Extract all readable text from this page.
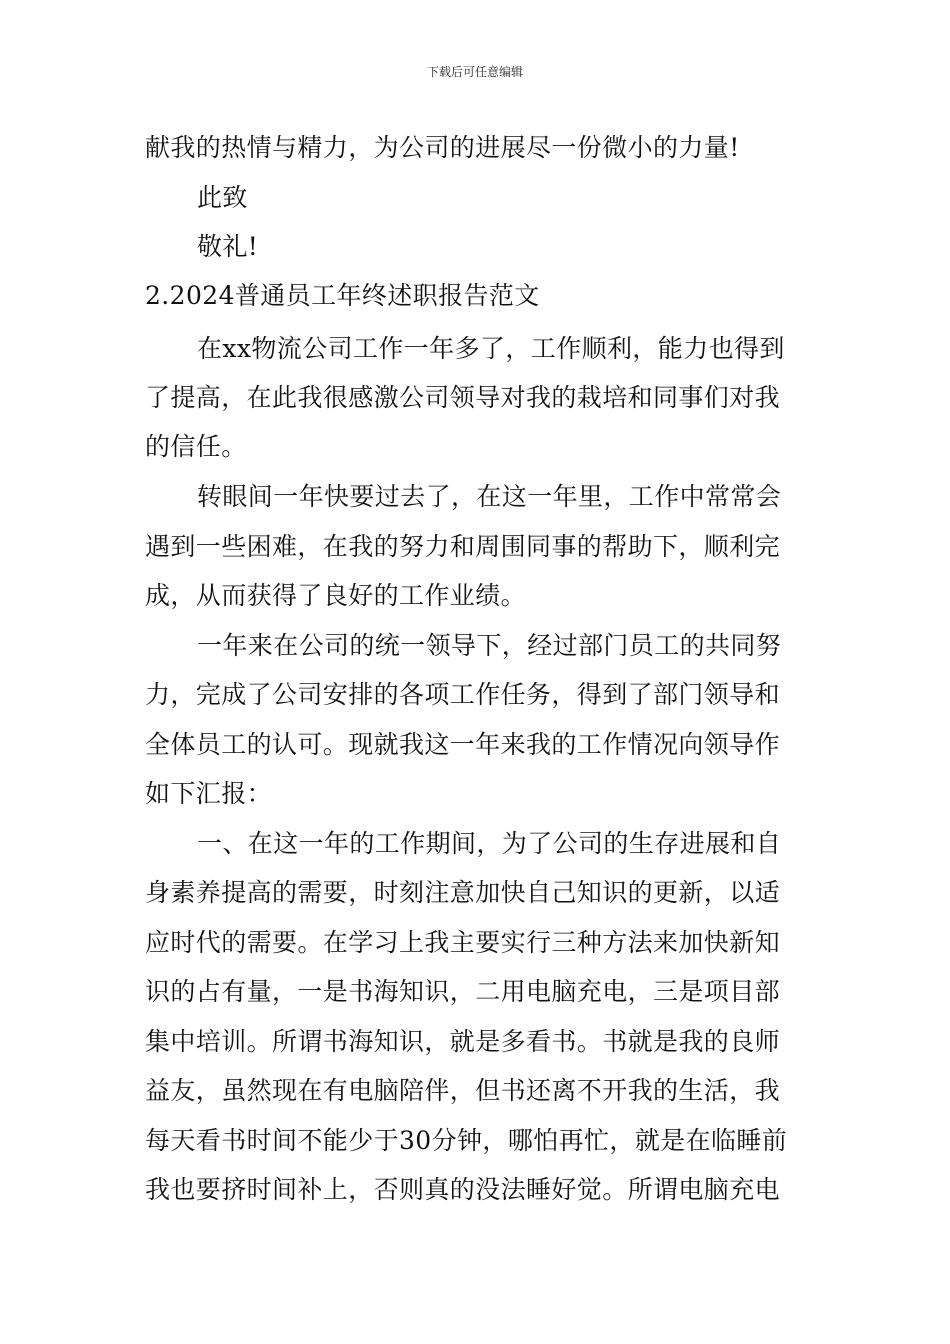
下载后可任意编辑
献我的热情与精力，为公司的进展尽一份微小的力量!
此致
敬礼!
2.2024普通员工年终述职报告范文
在xx物流公司工作一年多了，工作顺利，能力也得到
了提高，在此我很感激公司领导对我的栽培和同事们对我
的信任。
转眼间一年快要过去了，在这一年里，工作中常常会
遇到一些困难，在我的努力和周围同事的帮助下，顺利完
成，从而获得了良好的工作业绩。
一年来在公司的统一领导下，经过部门员工的共同努
力，完成了公司安排的各项工作任务，得到了部门领导和
全体员工的认可。现就我这一年来我的工作情况向领导作
如下汇报：
一、在这一年的工作期间，为了公司的生存进展和自
身素养提高的需要，时刻注意加快自己知识的更新，以适
应时代的需要。在学习上我主要实行三种方法来加快新知
识的占有量，一是书海知识，二用电脑充电，三是项目部
集中培训。所谓书海知识，就是多看书。书就是我的良师
益友，虽然现在有电脑陪伴，但书还离不开我的生活，我
每天看书时间不能少于30分钟，哪怕再忙，就是在临睡前
我也要挤时间补上，否则真的没法睡好觉。所谓电脑充电
